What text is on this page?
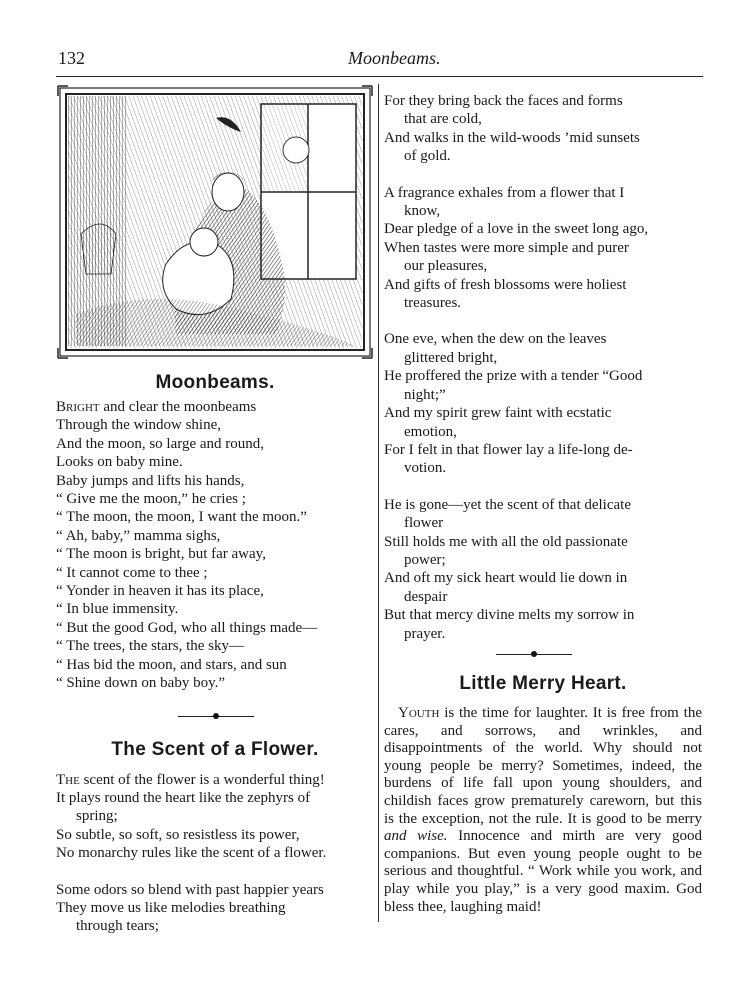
132	Moonbeams.
Moonbeams.
Bright and clear the moonbeams
Through the window shine,
And the moon, so large and round,
Looks on baby mine.
Baby jumps and lifts his hands,
“ Give me the moon,” he cries ;
“ The moon, the moon, I want the moon.”
“ Ah, baby,” mamma sighs,
“ The moon is bright, but far away,
“ It cannot come to thee ;
“ Yonder in heaven it has its place,
“ In blue immensity.
“ But the good God, who all things made—
“ The trees, the stars, the sky—
“ Has bid the moon, and stars, and sun
“ Shine down on baby boy.”
The Scent of a Flower.
The scent of the flower is a wonderful thing!
It plays round the heart like the zephyrs of
spring;
So subtle, so soft, so resistless its power,
No monarchy rules like the scent of a flower.
Some odors so blend with past happier years
They move us like melodies breathing
through tears;
For they bring back the faces and forms
that are cold,
And walks in the wild-woods ’mid sunsets
of gold.
A fragrance exhales from a flower that I
know,
Dear pledge of a love in the sweet long ago,
When tastes were more simple and purer
our pleasures,
And gifts of fresh blossoms were holiest
treasures.
One eve, when the dew on the leaves
glittered bright,
He proffered the prize with a tender “Good
night;”
And my spirit grew faint with ecstatic
emotion,
For I felt in that flower lay a life-long de-
votion.
He is gone—yet the scent of that delicate
flower
Still holds me with all the old passionate
power;
And oft my sick heart would lie down in
despair
But that mercy divine melts my sorrow in
prayer.
Little Merry Heart.

Youth is the time for laughter. It is free from the cares, and sorrows, and wrinkles, and disappointments of the world. Why should not young people be merry? Sometimes, indeed, the burdens of life fall upon young shoulders, and childish faces grow prematurely careworn, but this is the exception, not the rule. It is good to be merry and wise. Innocence and mirth are very good companions. But even young people ought to be serious and thoughtful. “ Work while you work, and play while you play,” is a very good maxim. God bless thee, laughing maid!
